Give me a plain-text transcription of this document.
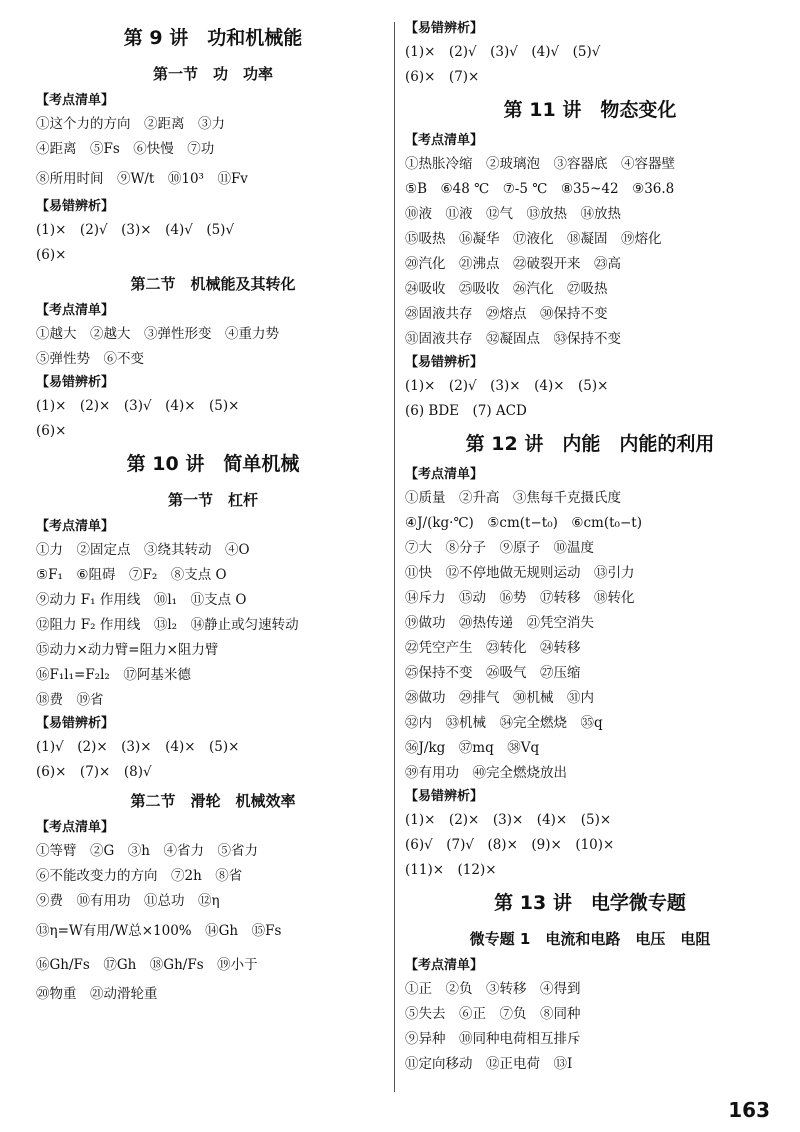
第 9 讲　功和机械能
第一节　功　功率
【考点清单】
①这个力的方向　②距离　③力
④距离　⑤Fs　⑥快慢　⑦功
⑧所用时间　⑨W/t　⑩10³　⑪Fv
【易错辨析】
(1)×　(2)√　(3)×　(4)√　(5)√
(6)×
第二节　机械能及其转化
【考点清单】
①越大　②越大　③弹性形变　④重力势
⑤弹性势　⑥不变
【易错辨析】
(1)×　(2)×　(3)√　(4)×　(5)×
(6)×
第 10 讲　简单机械
第一节　杠杆
【考点清单】
①力　②固定点　③绕其转动　④O
⑤F₁　⑥阻碍　⑦F₂　⑧支点 O
⑨动力 F₁ 作用线　⑩l₁　⑪支点 O
⑫阻力 F₂ 作用线　⑬l₂　⑭静止或匀速转动
⑮动力×动力臂=阻力×阻力臂
⑯F₁l₁=F₂l₂　⑰阿基米德
⑱费　⑲省
【易错辨析】
(1)√　(2)×　(3)×　(4)×　(5)×
(6)×　(7)×　(8)√
第二节　滑轮　机械效率
【考点清单】
①等臂　②G　③h　④省力　⑤省力
⑥不能改变力的方向　⑦2h　⑧省
⑨费　⑩有用功　⑪总功　⑫η
⑬η=W有用/W总×100%　⑭Gh　⑮Fs
⑯Gh/Fs　⑰Gh　⑱Gh/Fs　⑲小于
⑳物重　㉑动滑轮重
【易错辨析】
(1)×　(2)√　(3)√　(4)√　(5)√
(6)×　(7)×
第 11 讲　物态变化
【考点清单】
①热胀冷缩　②玻璃泡　③容器底　④容器壁
⑤B　⑥48 ℃　⑦-5 ℃　⑧35~42　⑨36.8
⑩液　⑪液　⑫气　⑬放热　⑭放热
⑮吸热　⑯凝华　⑰液化　⑱凝固　⑲熔化
⑳汽化　㉑沸点　㉒破裂开来　㉓高
㉔吸收　㉕吸收　㉖汽化　㉗吸热
㉘固液共存　㉙熔点　㉚保持不变
㉛固液共存　㉜凝固点　㉝保持不变
【易错辨析】
(1)×　(2)√　(3)×　(4)×　(5)×
(6) BDE　(7) ACD
第 12 讲　内能　内能的利用
【考点清单】
①质量　②升高　③焦每千克摄氏度
④J/(kg·℃)　⑤cm(t−t₀)　⑥cm(t₀−t)
⑦大　⑧分子　⑨原子　⑩温度
⑪快　⑫不停地做无规则运动　⑬引力
⑭斥力　⑮动　⑯势　⑰转移　⑱转化
⑲做功　⑳热传递　㉑凭空消失
㉒凭空产生　㉓转化　㉔转移
㉕保持不变　㉖吸气　㉗压缩
㉘做功　㉙排气　㉚机械　㉛内
㉜内　㉝机械　㉞完全燃烧　㉟q
㊱J/kg　㊲mq　㊳Vq
㊴有用功　㊵完全燃烧放出
【易错辨析】
(1)×　(2)×　(3)×　(4)×　(5)×
(6)√　(7)√　(8)×　(9)×　(10)×
(11)×　(12)×
第 13 讲　电学微专题
微专题 1　电流和电路　电压　电阻
【考点清单】
①正　②负　③转移　④得到
⑤失去　⑥正　⑦负　⑧同种
⑨异种　⑩同种电荷相互排斥
⑪定向移动　⑫正电荷　⑬I
163
